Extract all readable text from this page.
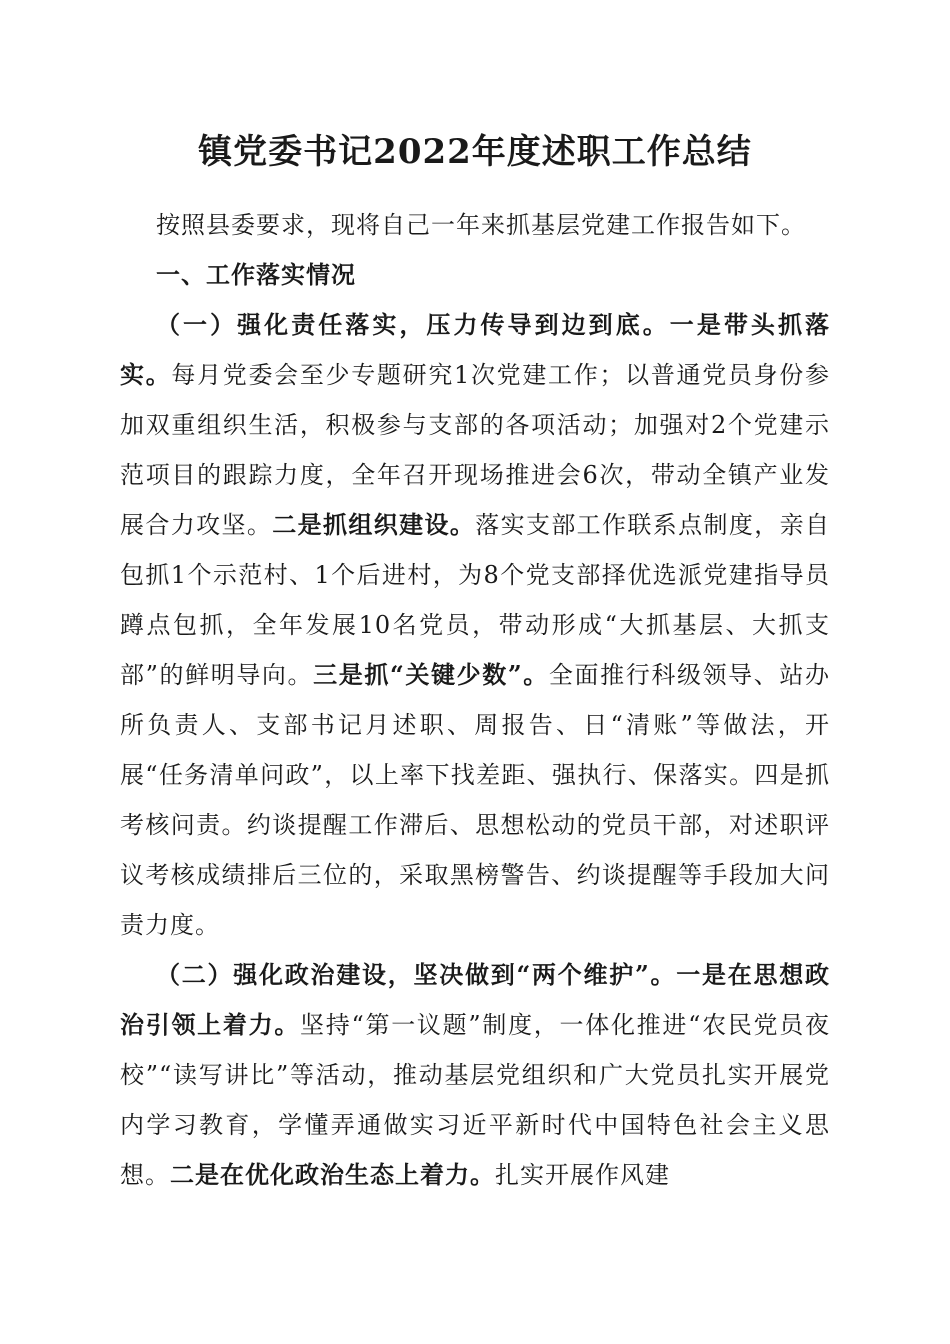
镇党委书记2022年度述职工作总结

按照县委要求，现将自己一年来抓基层党建工作报告如下。

一、工作落实情况

（一）强化责任落实，压力传导到边到底。一是带头抓落实。每月党委会至少专题研究1次党建工作；以普通党员身份参加双重组织生活，积极参与支部的各项活动；加强对2个党建示范项目的跟踪力度，全年召开现场推进会6次，带动全镇产业发展合力攻坚。二是抓组织建设。落实支部工作联系点制度，亲自包抓1个示范村、1个后进村，为8个党支部择优选派党建指导员蹲点包抓，全年发展10名党员，带动形成“大抓基层、大抓支部”的鲜明导向。三是抓“关键少数”。全面推行科级领导、站办所负责人、支部书记月述职、周报告、日“清账”等做法，开展“任务清单问政”，以上率下找差距、强执行、保落实。四是抓考核问责。约谈提醒工作滞后、思想松动的党员干部，对述职评议考核成绩排后三位的，采取黑榜警告、约谈提醒等手段加大问责力度。

（二）强化政治建设，坚决做到“两个维护”。一是在思想政治引领上着力。坚持“第一议题”制度，一体化推进“农民党员夜校”“读写讲比”等活动，推动基层党组织和广大党员扎实开展党内学习教育，学懂弄通做实习近平新时代中国特色社会主义思想。二是在优化政治生态上着力。扎实开展作风建
